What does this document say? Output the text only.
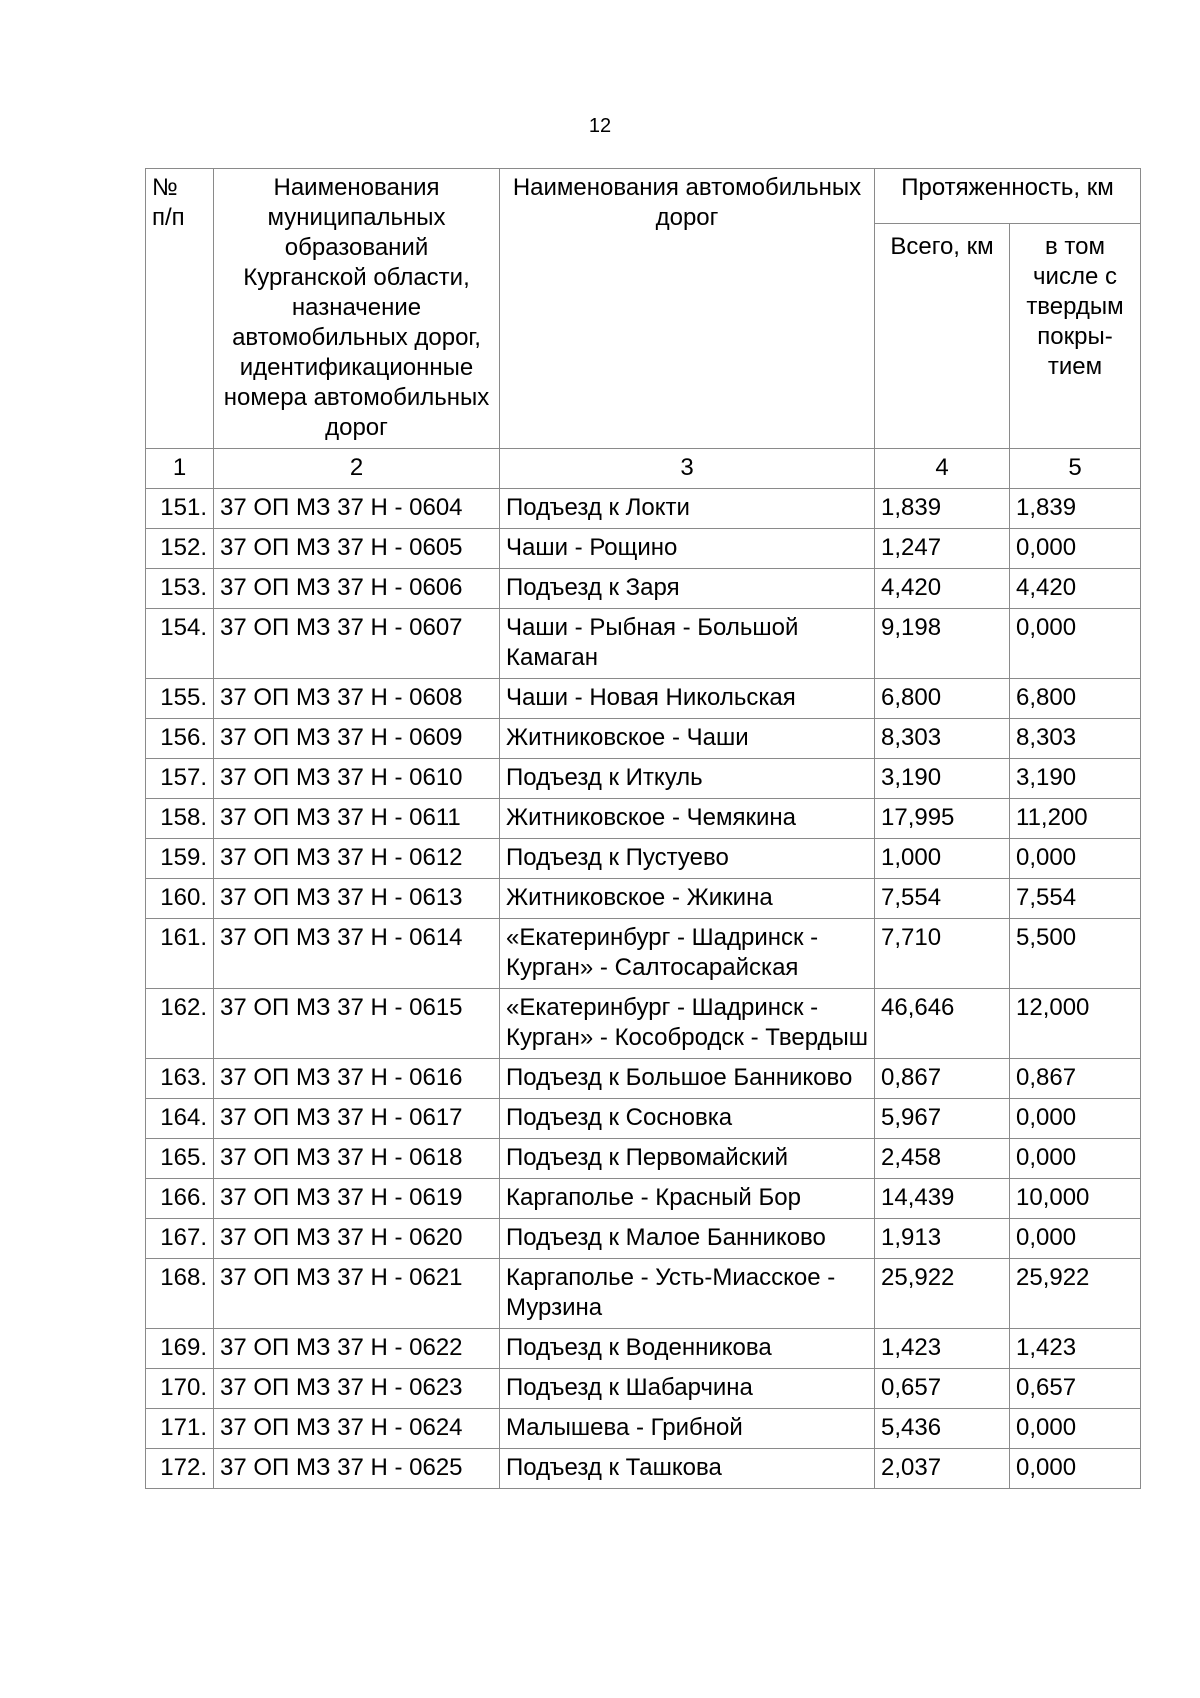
12
№
п/п	Наименования муниципальных образований Курганской области, назначение автомобильных дорог, идентификационные номера автомобильных дорог	Наименования автомобильных дорог	Протяженность, км	
			Всего, км	в том числе с твердым покры-тием
1	2	3	4	5
151.	37 ОП МЗ 37 Н - 0604	Подъезд к Локти	1,839	1,839
152.	37 ОП МЗ 37 Н - 0605	Чаши - Рощино	1,247	0,000
153.	37 ОП МЗ 37 Н - 0606	Подъезд к Заря	4,420	4,420
154.	37 ОП МЗ 37 Н - 0607	Чаши - Рыбная - Большой Камаган	9,198	0,000
155.	37 ОП МЗ 37 Н - 0608	Чаши - Новая Никольская	6,800	6,800
156.	37 ОП МЗ 37 Н - 0609	Житниковское - Чаши	8,303	8,303
157.	37 ОП МЗ 37 Н - 0610	Подъезд к Иткуль	3,190	3,190
158.	37 ОП МЗ 37 Н - 0611	Житниковское - Чемякина	17,995	11,200
159.	37 ОП МЗ 37 Н - 0612	Подъезд к Пустуево	1,000	0,000
160.	37 ОП МЗ 37 Н - 0613	Житниковское - Жикина	7,554	7,554
161.	37 ОП МЗ 37 Н - 0614	«Екатеринбург - Шадринск - Курган» - Салтосарайская	7,710	5,500
162.	37 ОП МЗ 37 Н - 0615	«Екатеринбург - Шадринск - Курган» - Кособродск - Твердыш	46,646	12,000
163.	37 ОП МЗ 37 Н - 0616	Подъезд к Большое Банниково	0,867	0,867
164.	37 ОП МЗ 37 Н - 0617	Подъезд к Сосновка	5,967	0,000
165.	37 ОП МЗ 37 Н - 0618	Подъезд к Первомайский	2,458	0,000
166.	37 ОП МЗ 37 Н - 0619	Каргаполье - Красный Бор	14,439	10,000
167.	37 ОП МЗ 37 Н - 0620	Подъезд к Малое Банниково	1,913	0,000
168.	37 ОП МЗ 37 Н - 0621	Каргаполье - Усть-Миасское - Мурзина	25,922	25,922
169.	37 ОП МЗ 37 Н - 0622	Подъезд к Воденникова	1,423	1,423
170.	37 ОП МЗ 37 Н - 0623	Подъезд к Шабарчина	0,657	0,657
171.	37 ОП МЗ 37 Н - 0624	Малышева - Грибной	5,436	0,000
172.	37 ОП МЗ 37 Н - 0625	Подъезд к Ташкова	2,037	0,000
